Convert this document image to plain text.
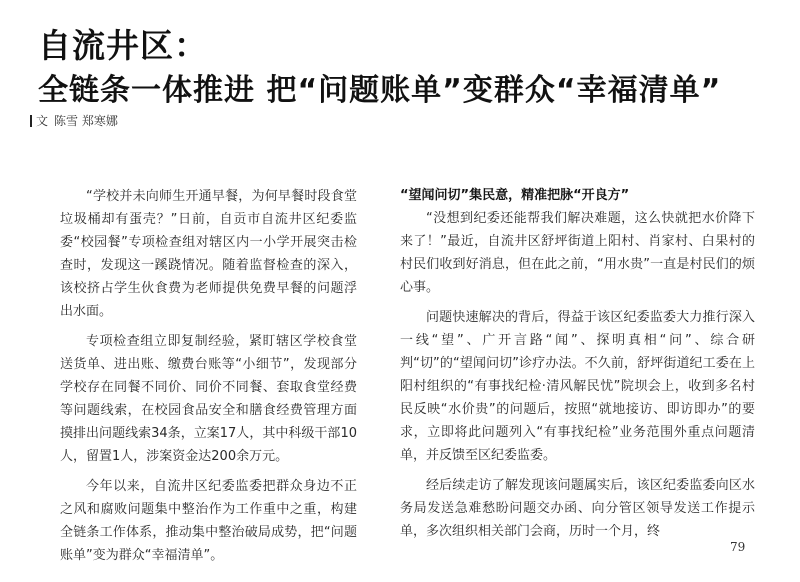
自流井区：
全链条一体推进 把“问题账单”变群众“幸福清单”
文 陈雪 郑寒娜

“学校并未向师生开通早餐，为何早餐时段食堂垃圾桶却有蛋壳？”日前，自贡市自流井区纪委监委“校园餐”专项检查组对辖区内一小学开展突击检查时，发现这一蹊跷情况。随着监督检查的深入，该校挤占学生伙食费为老师提供免费早餐的问题浮出水面。

专项检查组立即复制经验，紧盯辖区学校食堂送货单、进出账、缴费台账等“小细节”，发现部分学校存在同餐不同价、同价不同餐、套取食堂经费等问题线索，在校园食品安全和膳食经费管理方面摸排出问题线索34条，立案17人，其中科级干部10人，留置1人，涉案资金达200余万元。

今年以来，自流井区纪委监委把群众身边不正之风和腐败问题集中整治作为工作重中之重，构建全链条工作体系，推动集中整治破局成势，把“问题账单”变为群众“幸福清单”。

“望闻问切”集民意，精准把脉“开良方”

“没想到纪委还能帮我们解决难题，这么快就把水价降下来了！”最近，自流井区舒坪街道上阳村、肖家村、白果村的村民们收到好消息，但在此之前，“用水贵”一直是村民们的烦心事。

问题快速解决的背后，得益于该区纪委监委大力推行深入一线“望”、广开言路“闻”、探明真相“问”、综合研判“切”的“望闻问切”诊疗办法。不久前，舒坪街道纪工委在上阳村组织的“有事找纪检·清风解民忧”院坝会上，收到多名村民反映“水价贵”的问题后，按照“就地接访、即访即办”的要求，立即将此问题列入“有事找纪检”业务范围外重点问题清单，并反馈至区纪委监委。

经后续走访了解发现该问题属实后，该区纪委监委向区水务局发送急难愁盼问题交办函、向分管区领导发送工作提示单，多次组织相关部门会商，历时一个月，终

79
